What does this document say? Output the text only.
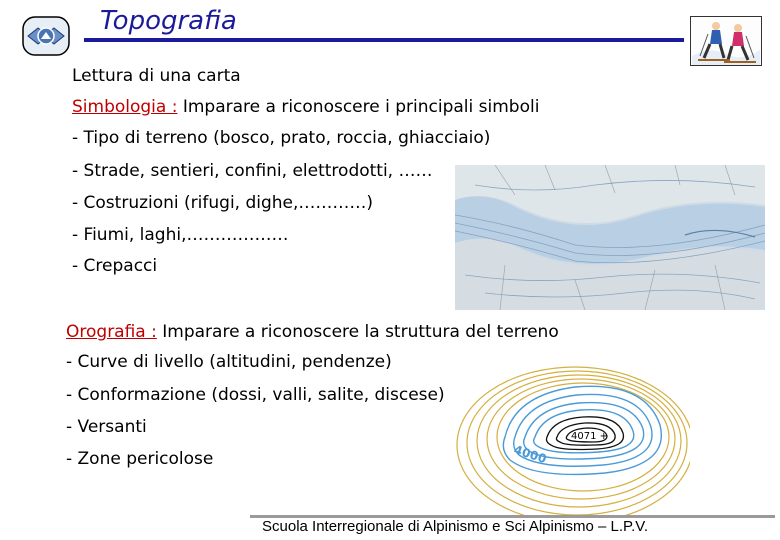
Topografia
Lettura di una carta
Simbologia : Imparare a riconoscere i principali simboli
- Tipo di terreno (bosco, prato, roccia, ghiacciaio)
- Strade, sentieri, confini, elettrodotti, ……
- Costruzioni (rifugi, dighe,…………)
- Fiumi, laghi,………………
- Crepacci
Orografia : Imparare a riconoscere la struttura del terreno
- Curve di livello (altitudini, pendenze)
- Conformazione (dossi, valli, salite, discese)
- Versanti
- Zone pericolose
4071 +
4000
Scuola Interregionale di Alpinismo e Sci Alpinismo – L.P.V.
